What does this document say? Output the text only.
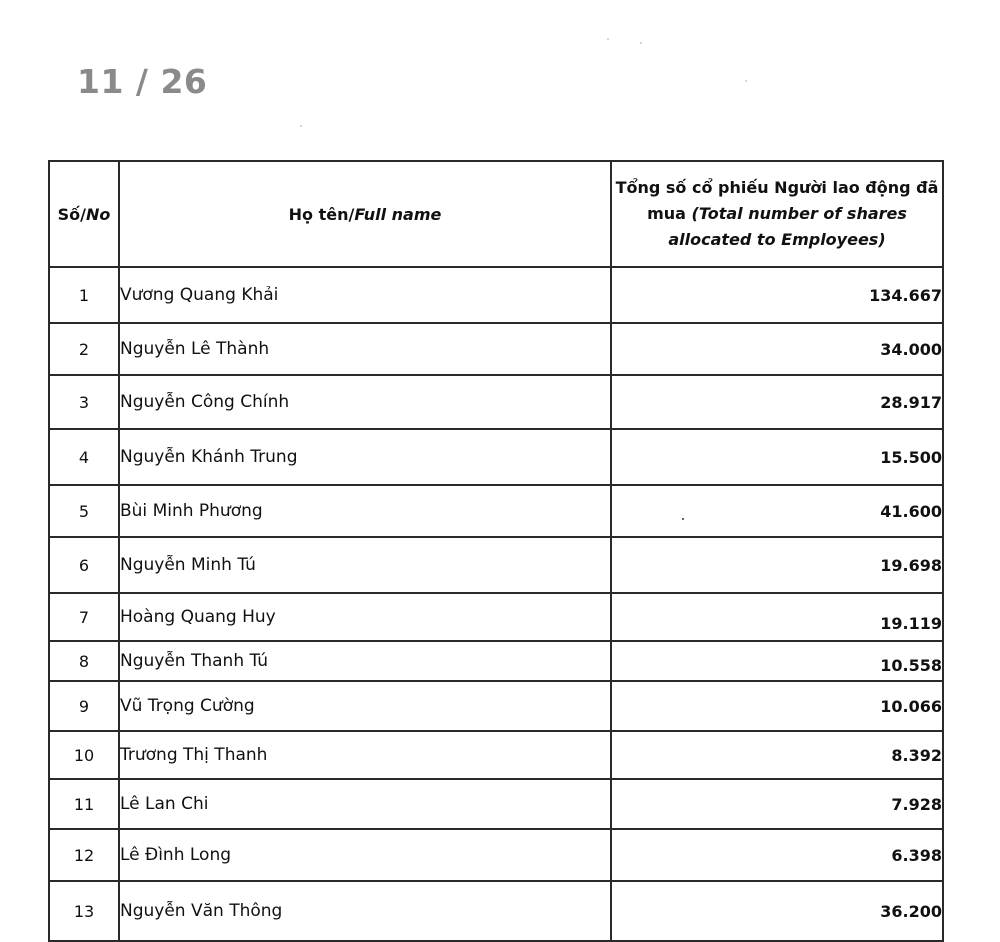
11 / 26
Số/No	Họ tên/Full name	Tổng số cổ phiếu Người lao động đã mua (Total number of shares allocated to Employees)
1	Vương Quang Khải	134.667
2	Nguyễn Lê Thành	34.000
3	Nguyễn Công Chính	28.917
4	Nguyễn Khánh Trung	15.500
5	Bùi Minh Phương	41.600
6	Nguyễn Minh Tú	19.698
7	Hoàng Quang Huy	19.119
8	Nguyễn Thanh Tú	10.558
9	Vũ Trọng Cường	10.066
10	Trương Thị Thanh	8.392
11	Lê Lan Chi	7.928
12	Lê Đình Long	6.398
13	Nguyễn Văn Thông	36.200
